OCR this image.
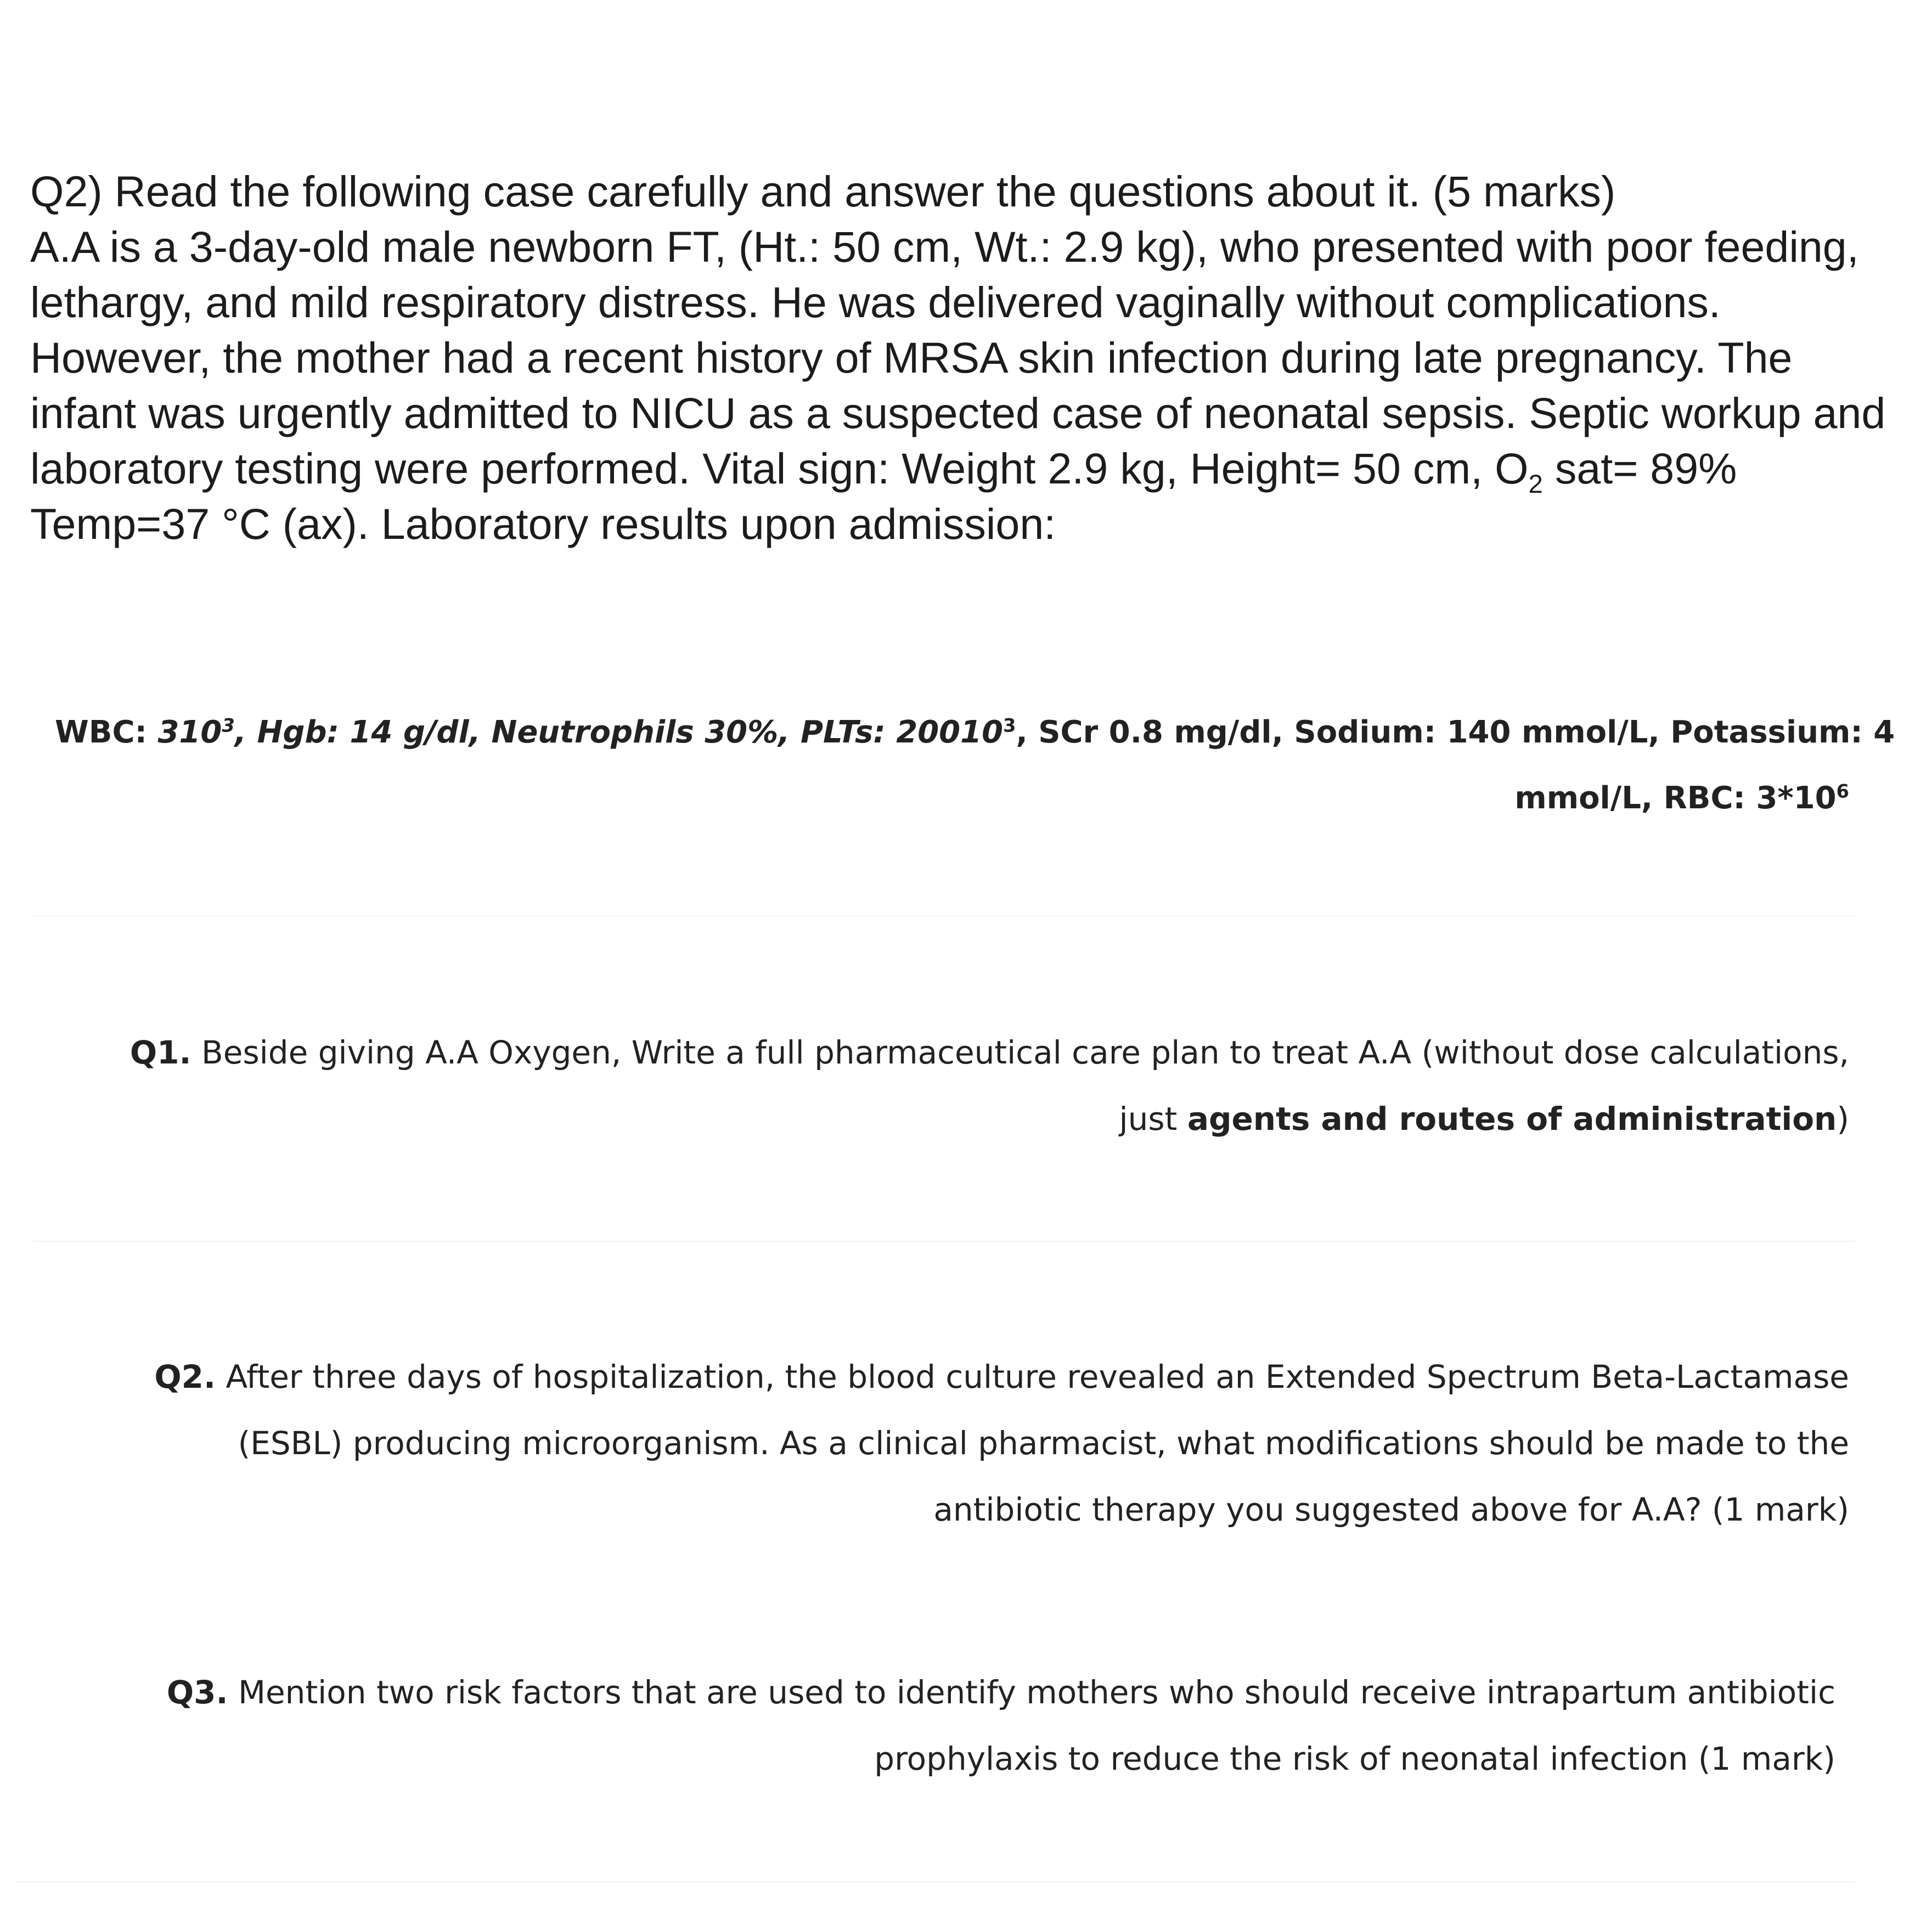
Q2) Read the following case carefully and answer the questions about it. (5 marks)
A.A is a 3-day-old male newborn FT, (Ht.: 50 cm, Wt.: 2.9 kg), who presented with poor feeding,
lethargy, and mild respiratory distress. He was delivered vaginally without complications.
However, the mother had a recent history of MRSA skin infection during late pregnancy. The
infant was urgently admitted to NICU as a suspected case of neonatal sepsis. Septic workup and
laboratory testing were performed. Vital sign: Weight 2.9 kg, Height= 50 cm, $O_2$ sat= 89%
Temp=37 °C (ax). Laboratory results upon admission:
WBC: $310^3$, Hgb: 14 g/dl, Neutrophils 30%, PLTs: 20010$^3$, SCr 0.8 mg/dl, Sodium: 140 mmol/L, Potassium: 4
mmol/L, RBC: $3*10^6$
Q1. Beside giving A.A Oxygen, Write a full pharmaceutical care plan to treat A.A (without dose calculations,
just agents and routes of administration)
Q2. After three days of hospitalization, the blood culture revealed an Extended Spectrum Beta-Lactamase
(ESBL) producing microorganism. As a clinical pharmacist, what modifications should be made to the
antibiotic therapy you suggested above for A.A? (1 mark)
Q3. Mention two risk factors that are used to identify mothers who should receive intrapartum antibiotic
prophylaxis to reduce the risk of neonatal infection (1 mark)
